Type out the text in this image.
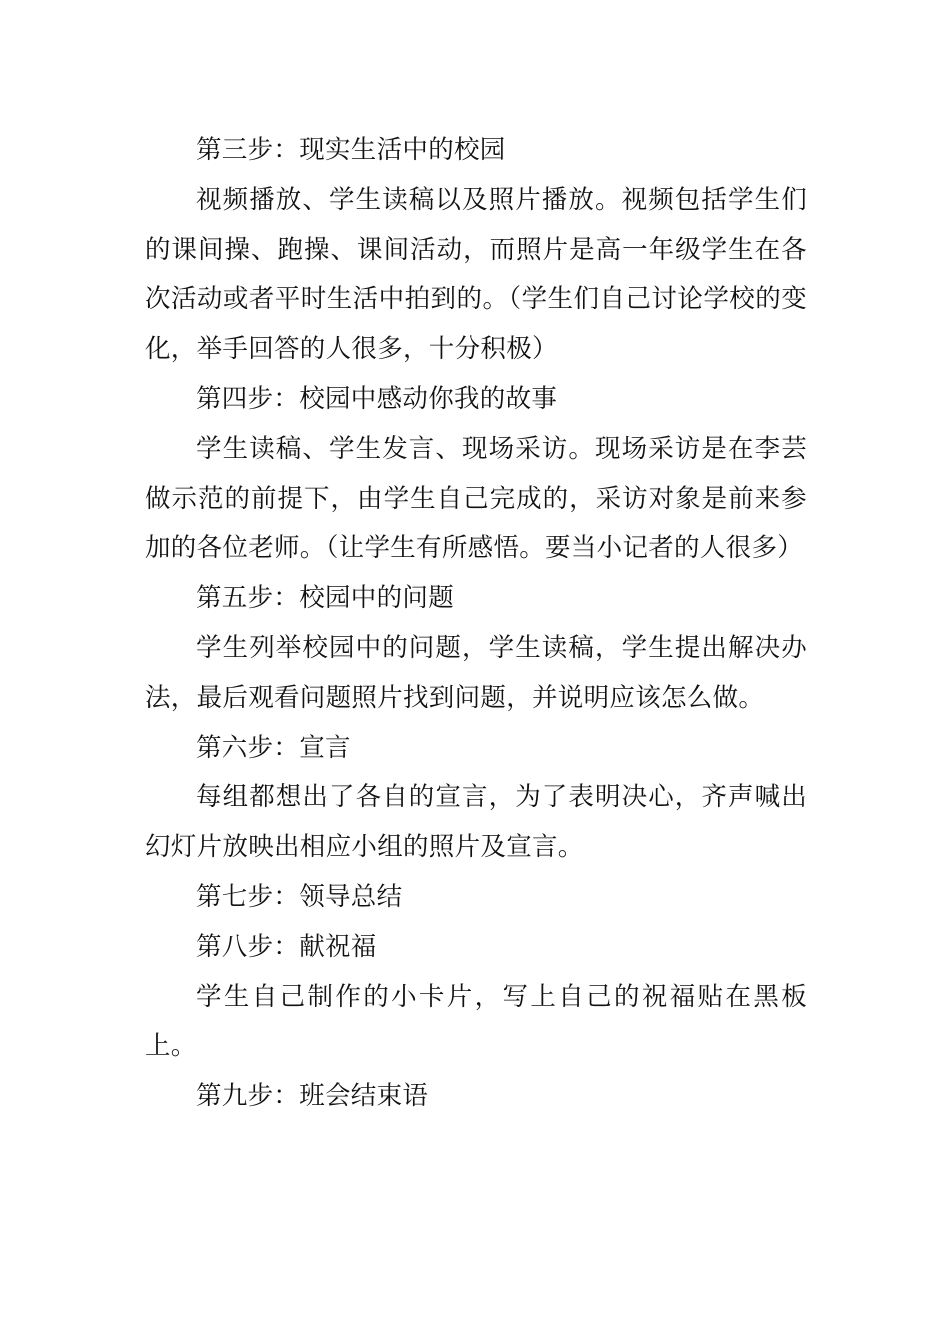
第三步：现实生活中的校园

视频播放、学生读稿以及照片播放。视频包括学生们的课间操、跑操、课间活动，而照片是高一年级学生在各次活动或者平时生活中拍到的。（学生们自己讨论学校的变化，举手回答的人很多，十分积极）

第四步：校园中感动你我的故事

学生读稿、学生发言、现场采访。现场采访是在李芸做示范的前提下，由学生自己完成的，采访对象是前来参加的各位老师。（让学生有所感悟。要当小记者的人很多）

第五步：校园中的问题

学生列举校园中的问题，学生读稿，学生提出解决办法，最后观看问题照片找到问题，并说明应该怎么做。

第六步：宣言

每组都想出了各自的宣言，为了表明决心，齐声喊出幻灯片放映出相应小组的照片及宣言。

第七步：领导总结

第八步：献祝福

学生自己制作的小卡片，写上自己的祝福贴在黑板上。

第九步：班会结束语
